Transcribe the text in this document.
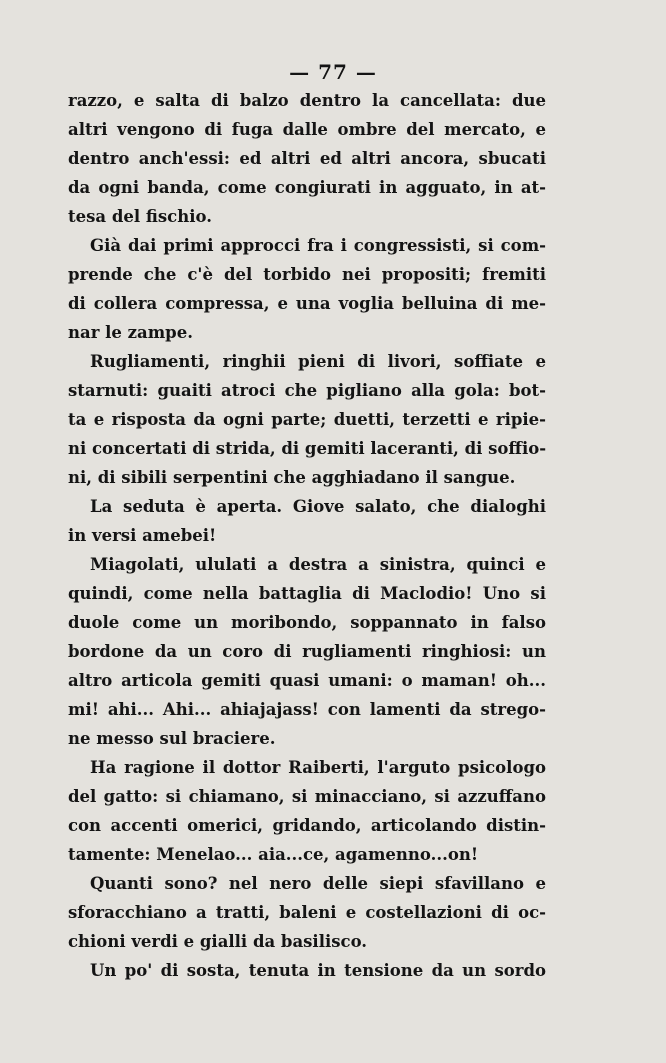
— 77 —
razzo, e salta di balzo dentro la cancellata: due
altri vengono di fuga dalle ombre del mercato, e
dentro anch'essi: ed altri ed altri ancora, sbucati
da ogni banda, come congiurati in agguato, in at-
tesa del fischio.
Già dai primi approcci fra i congressisti, si com-
prende che c'è del torbido nei propositi; fremiti
di collera compressa, e una voglia belluina di me-
nar le zampe.
Rugliamenti, ringhii pieni di livori, soffiate e
starnuti: guaiti atroci che pigliano alla gola: bot-
ta e risposta da ogni parte; duetti, terzetti e ripie-
ni concertati di strida, di gemiti laceranti, di soffio-
ni, di sibili serpentini che agghiadano il sangue.
La seduta è aperta. Giove salato, che dialoghi
in versi amebei!
Miagolati, ululati a destra a sinistra, quinci e
quindi, come nella battaglia di Maclodio! Uno si
duole come un moribondo, soppannato in falso
bordone da un coro di rugliamenti ringhiosi: un
altro articola gemiti quasi umani: o maman! oh...
mi! ahi... Ahi... ahiajajass! con lamenti da strego-
ne messo sul braciere.
Ha ragione il dottor Raiberti, l'arguto psicologo
del gatto: si chiamano, si minacciano, si azzuffano
con accenti omerici, gridando, articolando distin-
tamente: Menelao... aia...ce, agamenno...on!
Quanti sono? nel nero delle siepi sfavillano e
sforacchiano a tratti, baleni e costellazioni di oc-
chioni verdi e gialli da basilisco.
Un po' di sosta, tenuta in tensione da un sordo
